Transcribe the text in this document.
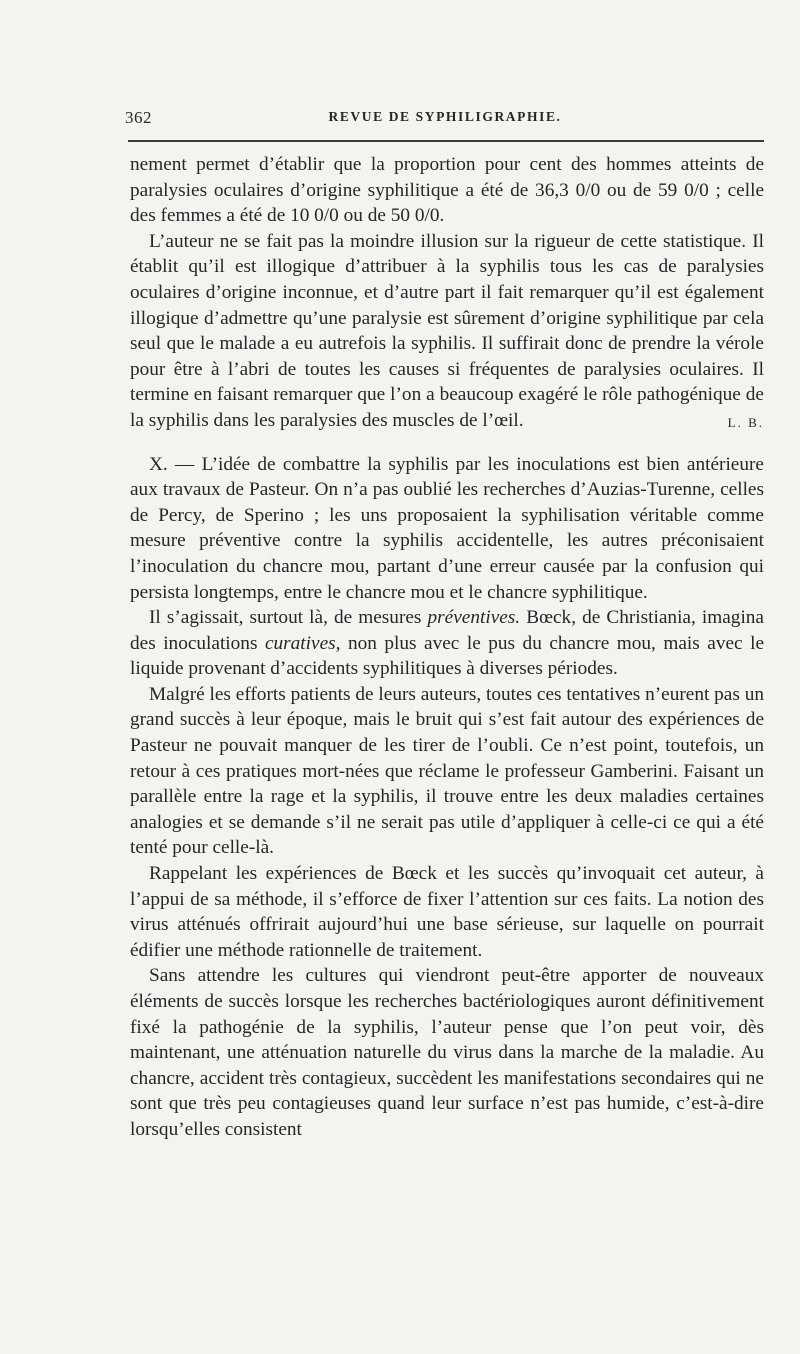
362	REVUE DE SYPHILIGRAPHIE.

nement permet d’établir que la proportion pour cent des hommes atteints de paralysies oculaires d’origine syphilitique a été de 36,3 0/0 ou de 59 0/0 ; celle des femmes a été de 10 0/0 ou de 50 0/0.

L’auteur ne se fait pas la moindre illusion sur la rigueur de cette statistique. Il établit qu’il est illogique d’attribuer à la syphilis tous les cas de paralysies oculaires d’origine inconnue, et d’autre part il fait remarquer qu’il est également illogique d’admettre qu’une paralysie est sûrement d’origine syphilitique par cela seul que le malade a eu autrefois la syphilis. Il suffirait donc de prendre la vérole pour être à l’abri de toutes les causes si fréquentes de paralysies oculaires. Il termine en faisant remarquer que l’on a beaucoup exagéré le rôle pathogénique de la syphilis dans les paralysies des muscles de l’œil.	L. B.

X. — L’idée de combattre la syphilis par les inoculations est bien antérieure aux travaux de Pasteur. On n’a pas oublié les recherches d’Auzias-Turenne, celles de Percy, de Sperino ; les uns proposaient la syphilisation véritable comme mesure préventive contre la syphilis accidentelle, les autres préconisaient l’inoculation du chancre mou, partant d’une erreur causée par la confusion qui persista longtemps, entre le chancre mou et le chancre syphilitique.

Il s’agissait, surtout là, de mesures préventives. Bœck, de Christiania, imagina des inoculations curatives, non plus avec le pus du chancre mou, mais avec le liquide provenant d’accidents syphilitiques à diverses périodes.

Malgré les efforts patients de leurs auteurs, toutes ces tentatives n’eurent pas un grand succès à leur époque, mais le bruit qui s’est fait autour des expériences de Pasteur ne pouvait manquer de les tirer de l’oubli. Ce n’est point, toutefois, un retour à ces pratiques mort-nées que réclame le professeur Gamberini. Faisant un parallèle entre la rage et la syphilis, il trouve entre les deux maladies certaines analogies et se demande s’il ne serait pas utile d’appliquer à celle-ci ce qui a été tenté pour celle-là.

Rappelant les expériences de Bœck et les succès qu’invoquait cet auteur, à l’appui de sa méthode, il s’efforce de fixer l’attention sur ces faits. La notion des virus atténués offrirait aujourd’hui une base sérieuse, sur laquelle on pourrait édifier une méthode rationnelle de traitement.

Sans attendre les cultures qui viendront peut-être apporter de nouveaux éléments de succès lorsque les recherches bactériologiques auront définitivement fixé la pathogénie de la syphilis, l’auteur pense que l’on peut voir, dès maintenant, une atténuation naturelle du virus dans la marche de la maladie. Au chancre, accident très contagieux, succèdent les manifestations secondaires qui ne sont que très peu contagieuses quand leur surface n’est pas humide, c’est-à-dire lorsqu’elles consistent
